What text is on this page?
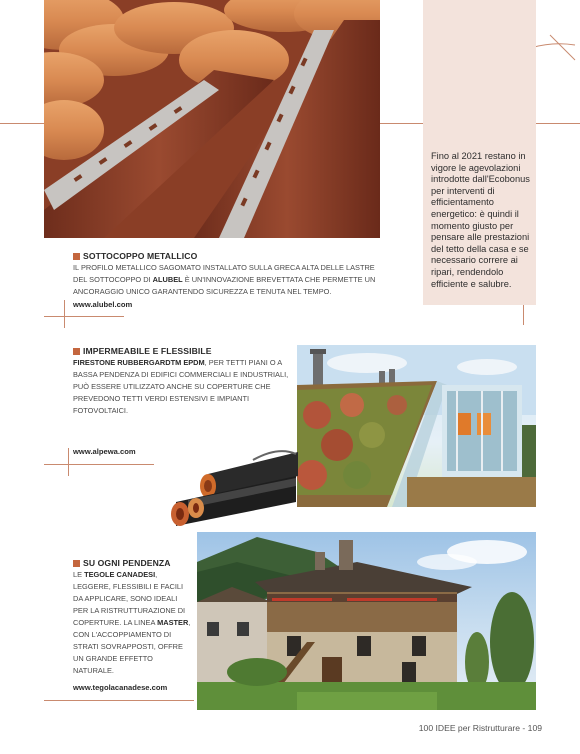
Fino al 2021 restano in vigore le agevolazioni introdotte dall'Ecobonus per interventi di efficientamento energetico: è quindi il momento giusto per pensare alle prestazioni del tetto della casa e se necessario correre ai ripari, rendendolo efficiente e salubre.
SOTTOCOPPO METALLICO
IL PROFILO METALLICO SAGOMATO INSTALLATO SULLA GRECA ALTA DELLE LASTRE DEL SOTTOCOPPO DI ALUBEL È UN'INNOVAZIONE BREVETTATA CHE PERMETTE UN ANCORAGGIO UNICO GARANTENDO SICUREZZA E TENUTA NEL TEMPO.
www.alubel.com
IMPERMEABILE E FLESSIBILE
FIRESTONE RUBBERGARDTM EPDM, PER TETTI PIANI O A BASSA PENDENZA DI EDIFICI COMMERCIALI E INDUSTRIALI, PUÒ ESSERE UTILIZZATO ANCHE SU COPERTURE CHE PREVEDONO TETTI VERDI ESTENSIVI E IMPIANTI FOTOVOLTAICI.
www.alpewa.com
SU OGNI PENDENZA
LE TEGOLE CANADESI, LEGGERE, FLESSIBILI E FACILI DA APPLICARE, SONO IDEALI PER LA RISTRUTTURAZIONE DI COPERTURE. LA LINEA MASTER, CON L'ACCOPPIAMENTO DI STRATI SOVRAPPOSTI, OFFRE UN GRANDE EFFETTO NATURALE.
www.tegolacanadese.com
100 IDEE per Ristrutturare - 109
